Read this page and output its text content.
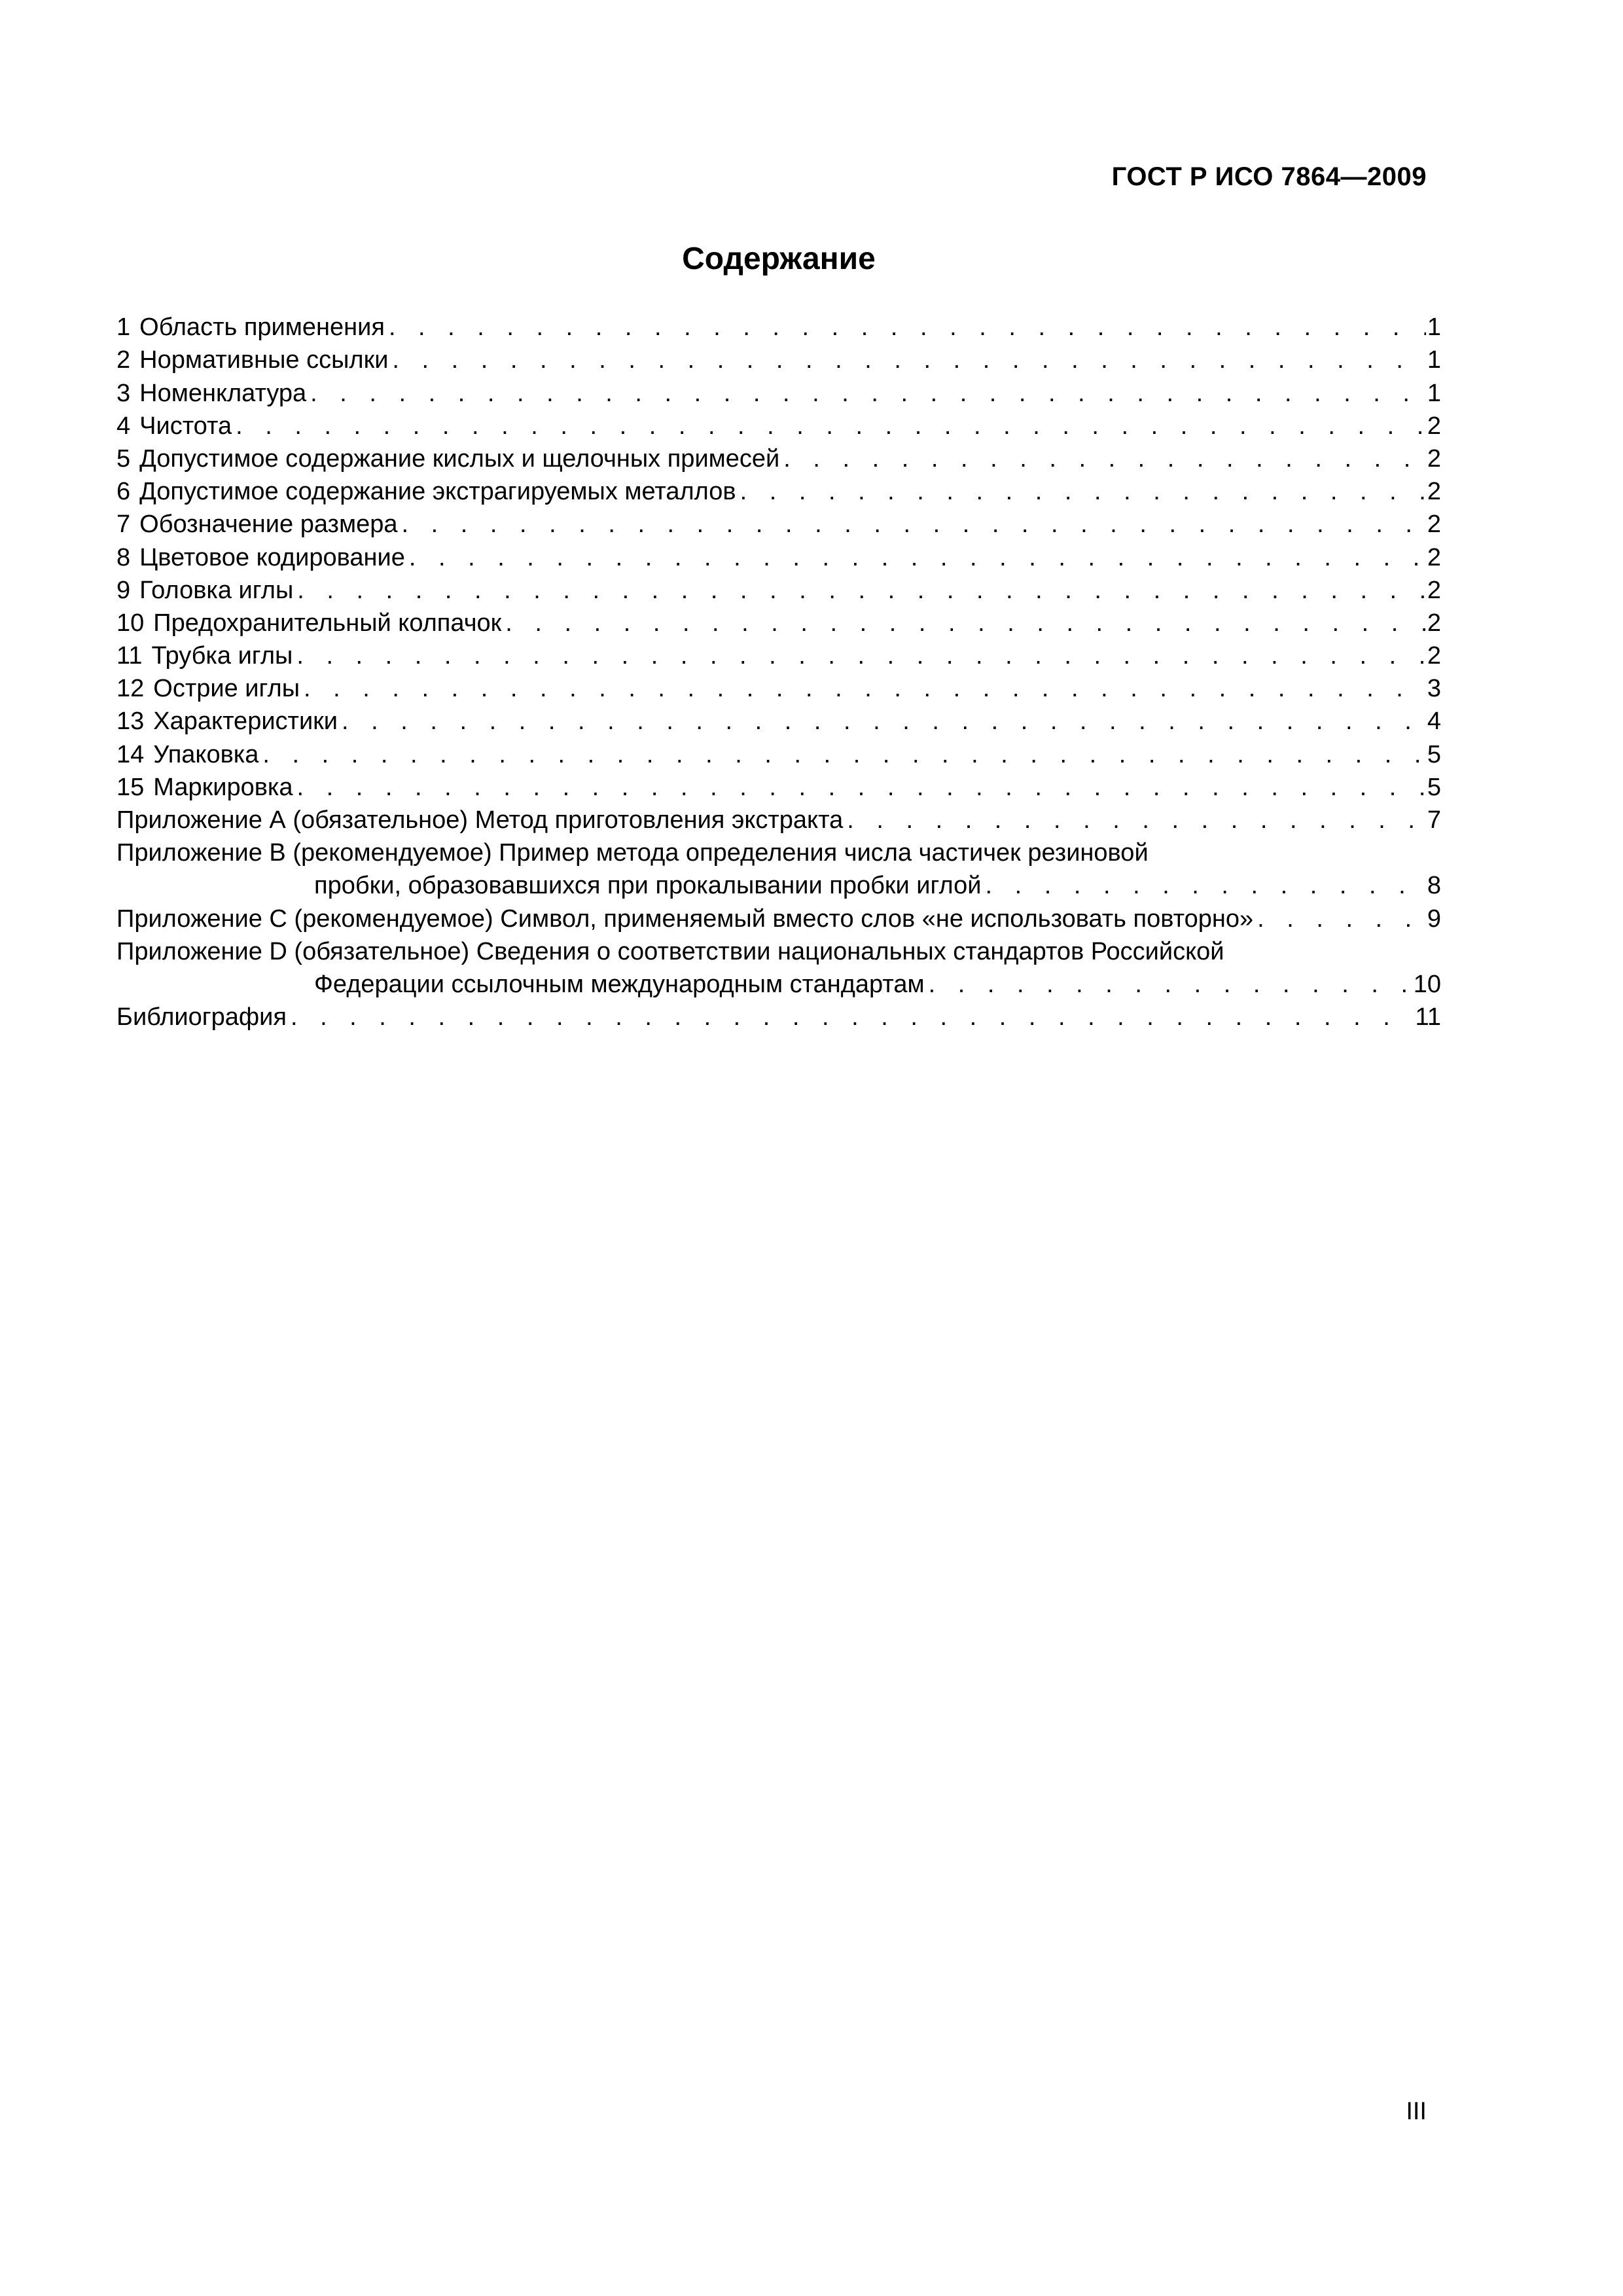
ГОСТ Р ИСО 7864—2009
Содержание
1 Область применения . . .	1
2 Нормативные ссылки . . .	1
3 Номенклатура . . .	1
4 Чистота . . .	2
5 Допустимое содержание кислых и щелочных примесей . . .	2
6 Допустимое содержание экстрагируемых металлов . . .	2
7 Обозначение размера . . .	2
8 Цветовое кодирование . . .	2
9 Головка иглы . . .	2
10 Предохранительный колпачок . . .	2
11 Трубка иглы . . .	2
12 Острие иглы . . .	3
13 Характеристики . . .	4
14 Упаковка . . .	5
15 Маркировка . . .	5
Приложение А (обязательное) Метод приготовления экстракта . . .	7
Приложение В (рекомендуемое) Пример метода определения числа частичек резиновой
пробки, образовавшихся при прокалывании пробки иглой . . .	8
Приложение С (рекомендуемое) Символ, применяемый вместо слов «не использовать повторно» . . .	9
Приложение D (обязательное) Сведения о соответствии национальных стандартов Российской
Федерации ссылочным международным стандартам . . .	10
Библиография . . .	11
III
